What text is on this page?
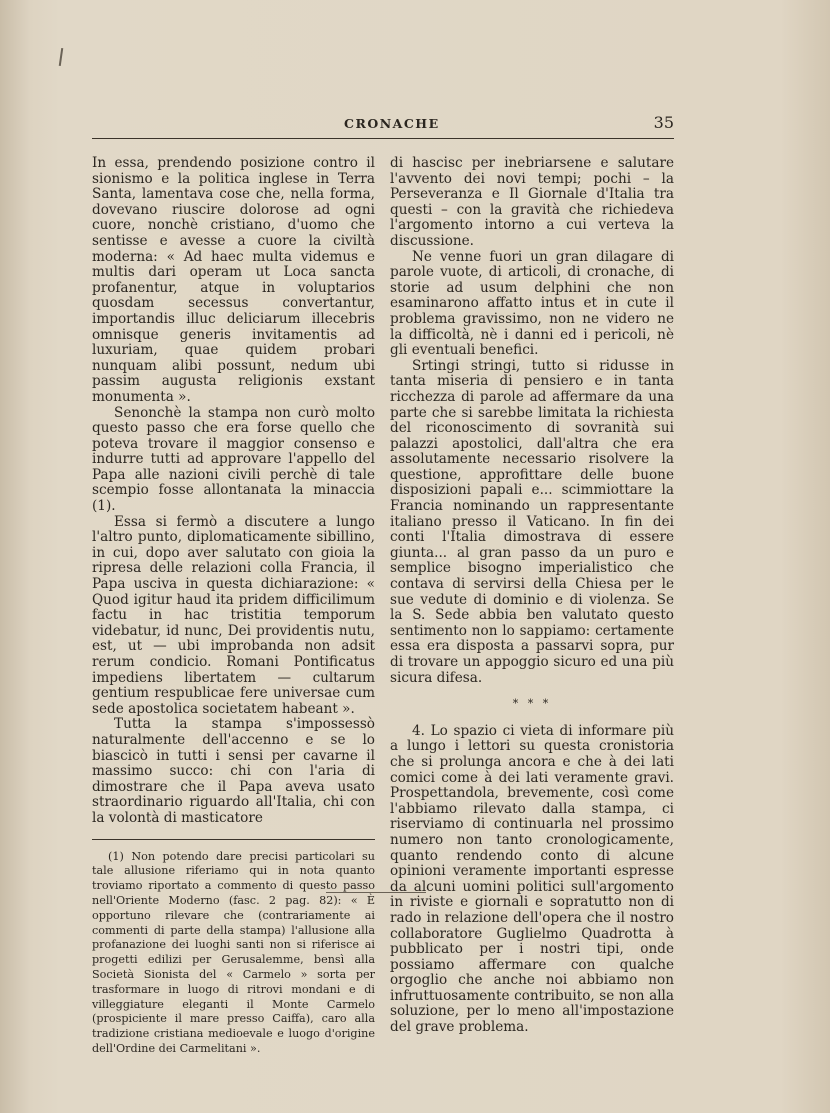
CRONACHE	35

In essa, prendendo posizione contro il sionismo e la politica inglese in Terra Santa, lamentava cose che, nella forma, dovevano riuscire dolorose ad ogni cuore, nonchè cristiano, d'uomo che sentisse e avesse a cuore la civiltà moderna: « Ad haec multa videmus e multis dari operam ut Loca sancta profanentur, atque in voluptarios quosdam secessus convertantur, importandis illuc deliciarum illecebris omnisque generis invitamentis ad luxuriam, quae quidem probari nunquam alibi possunt, nedum ubi passim augusta religionis exstant monumenta ».

Senonchè la stampa non curò molto questo passo che era forse quello che poteva trovare il maggior consenso e indurre tutti ad approvare l'appello del Papa alle nazioni civili perchè di tale scempio fosse allontanata la minaccia (1).

Essa si fermò a discutere a lungo l'altro punto, diplomaticamente sibillino, in cui, dopo aver salutato con gioia la ripresa delle relazioni colla Francia, il Papa usciva in questa dichiarazione: « Quod igitur haud ita pridem difficilimum factu in hac tristitia temporum videbatur, id nunc, Dei providentis nutu, est, ut — ubi improbanda non adsit rerum condicio. Romani Pontificatus impediens libertatem — cultarum gentium respublicae fere universae cum sede apostolica societatem habeant ».

Tutta la stampa s'impossessò naturalmente dell'accenno e se lo biascicò in tutti i sensi per cavarne il massimo succo: chi con l'aria di dimostrare che il Papa aveva usato straordinario riguardo all'Italia, chi con la volontà di masticatore

(1) Non potendo dare precisi particolari su tale allusione riferiamo qui in nota quanto troviamo riportato a commento di questo passo nell'Oriente Moderno (fasc. 2 pag. 82): « È opportuno rilevare che (contrariamente ai commenti di parte della stampa) l'allusione alla profanazione dei luoghi santi non si riferisce ai progetti edilizi per Gerusalemme, bensì alla Società Sionista del « Carmelo » sorta per trasformare in luogo di ritrovi mondani e di villeggiature eleganti il Monte Carmelo (prospiciente il mare presso Caiffa), caro alla tradizione cristiana medioevale e luogo d'origine dell'Ordine dei Carmelitani ».

di hascisc per inebriarsene e salutare l'avvento dei novi tempi; pochi – la Perseveranza e Il Giornale d'Italia tra questi – con la gravità che richiedeva l'argomento intorno a cui verteva la discussione.

Ne venne fuori un gran dilagare di parole vuote, di articoli, di cronache, di storie ad usum delphini che non esaminarono affatto intus et in cute il problema gravissimo, non ne videro ne la difficoltà, nè i danni ed i pericoli, nè gli eventuali benefici.

Srtingi stringi, tutto si ridusse in tanta miseria di pensiero e in tanta ricchezza di parole ad affermare da una parte che si sarebbe limitata la richiesta del riconoscimento di sovranità sui palazzi apostolici, dall'altra che era assolutamente necessario risolvere la questione, approfittare delle buone disposizioni papali e... scimmiottare la Francia nominando un rappresentante italiano presso il Vaticano. In fin dei conti l'Italia dimostrava di essere giunta... al gran passo da un puro e semplice bisogno imperialistico che contava di servirsi della Chiesa per le sue vedute di dominio e di violenza. Se la S. Sede abbia ben valutato questo sentimento non lo sappiamo: certamente essa era disposta a passarvi sopra, pur di trovare un appoggio sicuro ed una più sicura difesa.

* * *

4. Lo spazio ci vieta di informare più a lungo i lettori su questa cronistoria che si prolunga ancora e che à dei lati comici come à dei lati veramente gravi. Prospettandola, brevemente, così come l'abbiamo rilevato dalla stampa, ci riserviamo di continuarla nel prossimo numero non tanto cronologicamente, quanto rendendo conto di alcune opinioni veramente importanti espresse da alcuni uomini politici sull'argomento in riviste e giornali e sopratutto non di rado in relazione dell'opera che il nostro collaboratore Guglielmo Quadrotta à pubblicato per i nostri tipi, onde possiamo affermare con qualche orgoglio che anche noi abbiamo non infruttuosamente contribuito, se non alla soluzione, per lo meno all'impostazione del grave problema.
